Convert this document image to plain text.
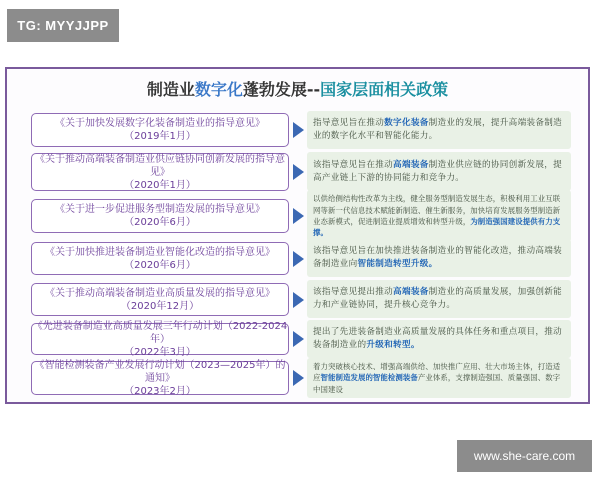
TG: MYYJJPP
制造业数字化蓬勃发展--国家层面相关政策
《关于加快发展数字化装备制造业的指导意见》
（2019年1月）
指导意见旨在推动数字化装备制造业的发展，提升高端装备制造业的数字化水平和智能化能力。
《关于推动高端装备制造业供应链协同创新发展的指导意见》
（2020年1月）
该指导意见旨在推动高端装备制造业供应链的协同创新发展，提高产业链上下游的协同能力和竞争力。
《关于进一步促进服务型制造发展的指导意见》
（2020年6月）
以供给侧结构性改革为主线，健全服务型制造发展生态，积极利用工业互联网等新一代信息技术赋能新制造、催生新服务，加快培育发展服务型制造新业态新模式，促进制造业提质增效和转型升级，为制造强国建设提供有力支撑。
《关于加快推进装备制造业智能化改造的指导意见》
（2020年6月）
该指导意见旨在加快推进装备制造业的智能化改造，推动高端装备制造业向智能制造转型升级。
《关于推动高端装备制造业高质量发展的指导意见》
（2020年12月）
该指导意见提出推动高端装备制造业的高质量发展，加强创新能力和产业链协同，提升核心竞争力。
《先进装备制造业高质量发展三年行动计划（2022-2024年）
（2022年3月）
提出了先进装备制造业高质量发展的具体任务和重点项目，推动装备制造业的升级和转型。
《智能检测装备产业发展行动计划（2023—2025年）的通知》
（2023年2月）
着力突破核心技术、增强高端供给、加快推广应用、壮大市场主体，打造适应智能制造发展的智能检测装备产业体系，支撑制造强国、质量强国、数字中国建设
www.she-care.com
